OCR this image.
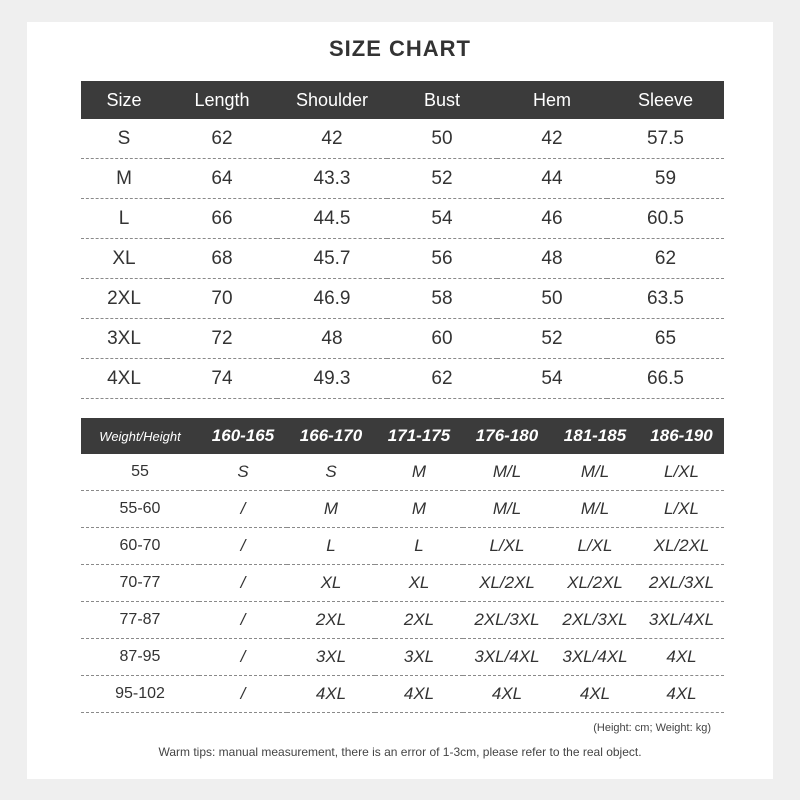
SIZE CHART
Size	Length	Shoulder	Bust	Hem	Sleeve
S	62	42	50	42	57.5
M	64	43.3	52	44	59
L	66	44.5	54	46	60.5
XL	68	45.7	56	48	62
2XL	70	46.9	58	50	63.5
3XL	72	48	60	52	65
4XL	74	49.3	62	54	66.5
Weight/Height	160-165	166-170	171-175	176-180	181-185	186-190
55	S	S	M	M/L	M/L	L/XL
55-60	/	M	M	M/L	M/L	L/XL
60-70	/	L	L	L/XL	L/XL	XL/2XL
70-77	/	XL	XL	XL/2XL	XL/2XL	2XL/3XL
77-87	/	2XL	2XL	2XL/3XL	2XL/3XL	3XL/4XL
87-95	/	3XL	3XL	3XL/4XL	3XL/4XL	4XL
95-102	/	4XL	4XL	4XL	4XL	4XL
(Height: cm; Weight: kg)
Warm tips: manual measurement, there is an error of 1-3cm, please refer to the real object.
